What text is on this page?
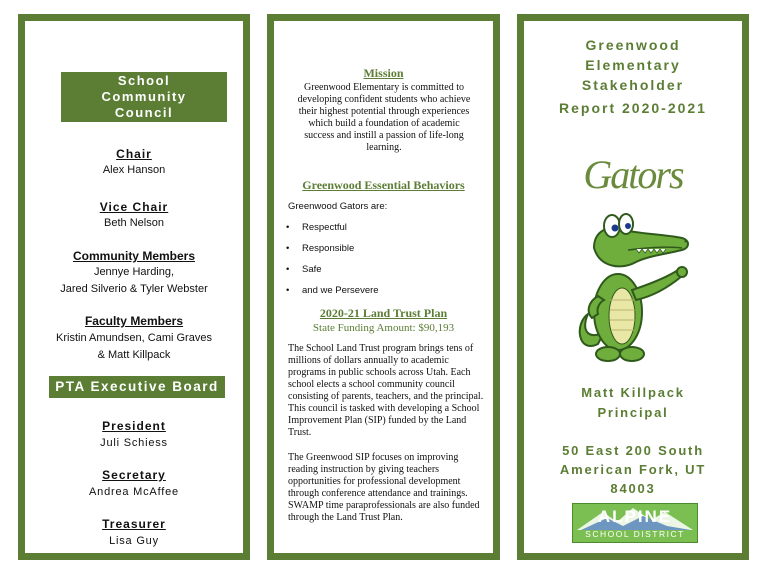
School
Community
Council
Chair
Alex Hanson
Vice Chair
Beth Nelson
Community Members
Jennye Harding,
Jared Silverio & Tyler Webster
Faculty Members
Kristin Amundsen, Cami Graves
& Matt Killpack
PTA Executive Board
President
Juli Schiess
Secretary
Andrea McAffee
Treasurer
Lisa Guy
Mission
Greenwood Elementary is committed to developing confident students who achieve their highest potential through experiences which build a foundation of academic success and instill a passion of life-long learning.
Greenwood Essential Behaviors
Greenwood Gators are:
• Respectful
• Responsible
• Safe
• and we Persevere
2020-21 Land Trust Plan
State Funding Amount: $90,193
The School Land Trust program brings tens of millions of dollars annually to academic programs in public schools across Utah. Each school elects a school community council consisting of parents, teachers, and the principal. This council is tasked with developing a School Improvement Plan (SIP) funded by the Land Trust.
The Greenwood SIP focuses on improving reading instruction by giving teachers opportunities for professional development through conference attendance and trainings. SWAMP time paraprofessionals are also funded through the Land Trust Plan.
Greenwood
Elementary
Stakeholder
Report 2020-2021
Gators
Matt Killpack
Principal
50 East 200 South
American Fork, UT
84003
ALPINE
SCHOOL DISTRICT
